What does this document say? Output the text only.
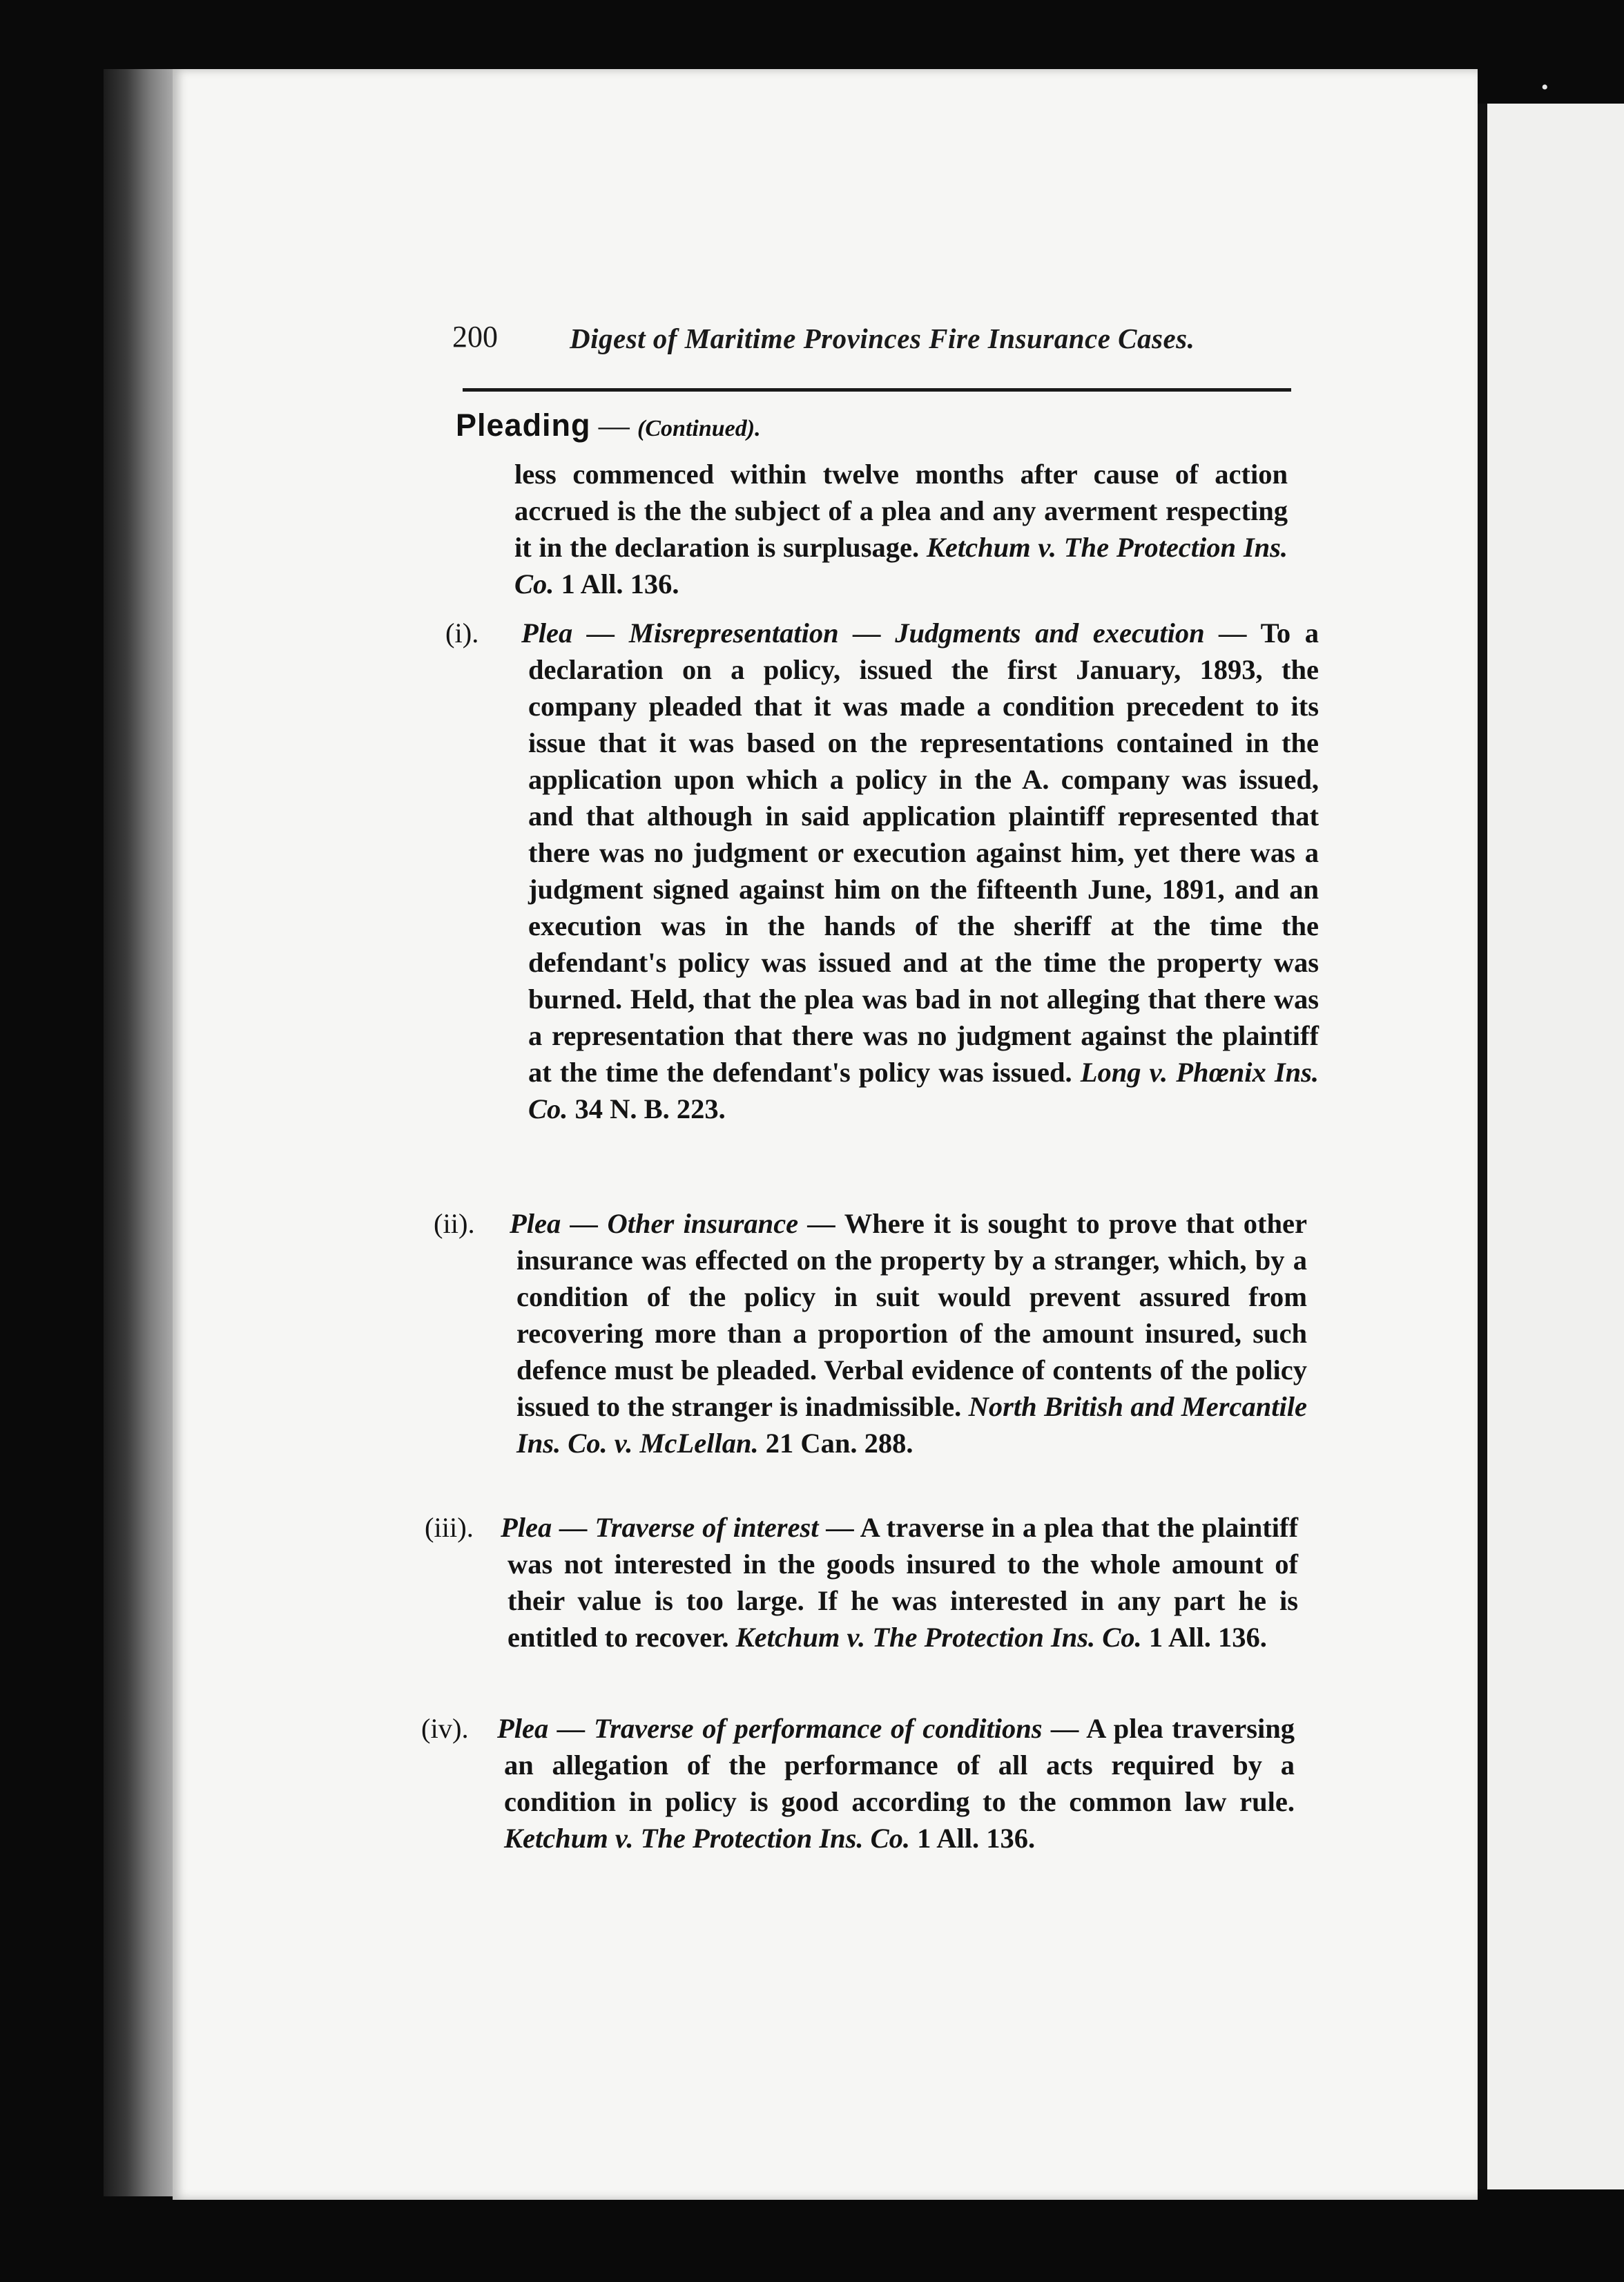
•
200	Digest of Maritime Provinces Fire Insurance Cases.
Pleading — (Continued).
less commenced within twelve months after cause of action accrued is the the subject of a plea and any averment respecting it in the declaration is surplusage. Ketchum v. The Protection Ins. Co. 1 All. 136.
(i). Plea — Misrepresentation — Judgments and execution — To a declaration on a policy, issued the first January, 1893, the company pleaded that it was made a condition precedent to its issue that it was based on the representations contained in the application upon which a policy in the A. company was issued, and that although in said application plaintiff represented that there was no judgment or execution against him, yet there was a judgment signed against him on the fifteenth June, 1891, and an execution was in the hands of the sheriff at the time the defendant's policy was issued and at the time the property was burned. Held, that the plea was bad in not alleging that there was a representation that there was no judgment against the plaintiff at the time the defendant's policy was issued. Long v. Phœnix Ins. Co. 34 N. B. 223.
(ii). Plea — Other insurance — Where it is sought to prove that other insurance was effected on the property by a stranger, which, by a condition of the policy in suit would prevent assured from recovering more than a proportion of the amount insured, such defence must be pleaded. Verbal evidence of contents of the policy issued to the stranger is inadmissible. North British and Mercantile Ins. Co. v. McLellan. 21 Can. 288.
(iii). Plea — Traverse of interest — A traverse in a plea that the plaintiff was not interested in the goods insured to the whole amount of their value is too large. If he was interested in any part he is entitled to recover. Ketchum v. The Protection Ins. Co. 1 All. 136.
(iv). Plea — Traverse of performance of conditions — A plea traversing an allegation of the performance of all acts required by a condition in policy is good according to the common law rule. Ketchum v. The Protection Ins. Co. 1 All. 136.
